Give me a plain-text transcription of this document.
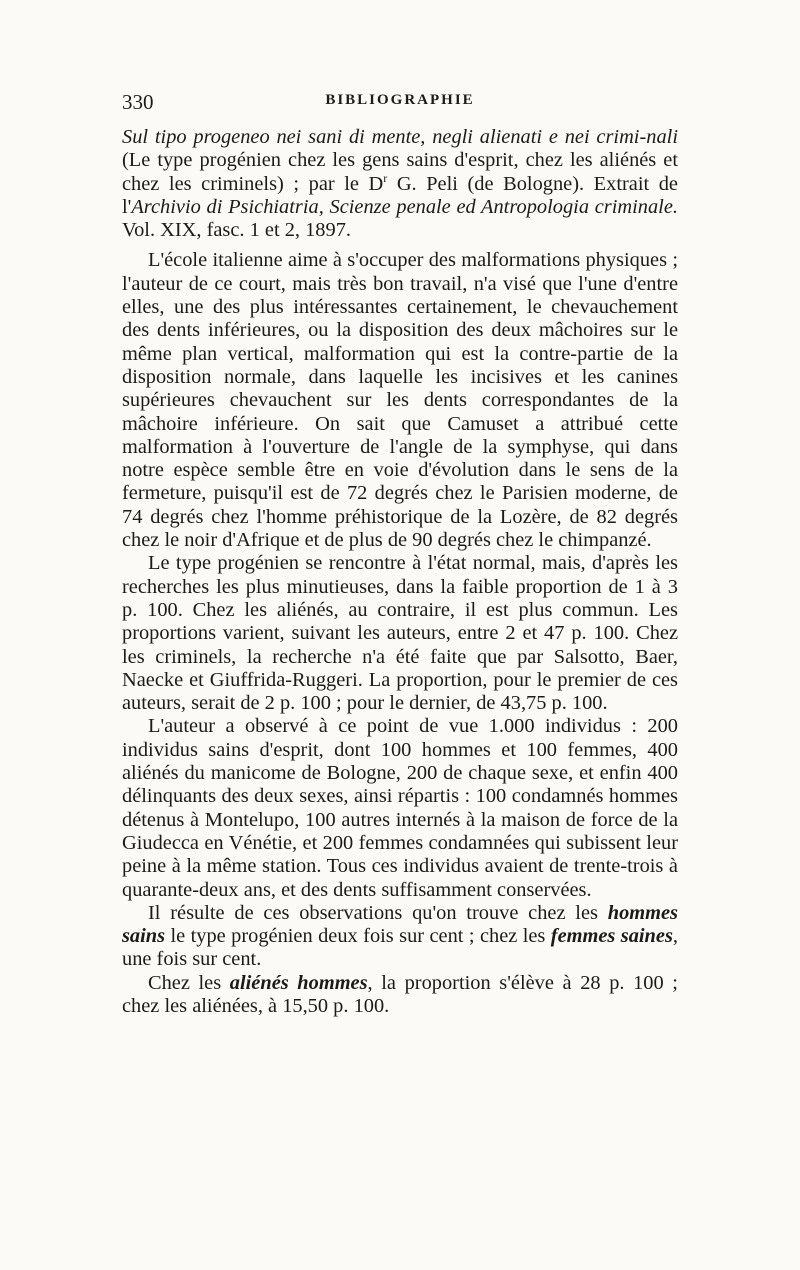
330	BIBLIOGRAPHIE

Sul tipo progeneo nei sani di mente, negli alienati e nei crimi-nali (Le type progénien chez les gens sains d'esprit, chez les aliénés et chez les criminels) ; par le $D^r$ G. Peli (de Bologne). Extrait de l'Archivio di Psichiatria, Scienze penale ed Antropologia criminale. Vol. XIX, fasc. 1 et 2, 1897.

L'école italienne aime à s'occuper des malformations physiques ; l'auteur de ce court, mais très bon travail, n'a visé que l'une d'entre elles, une des plus intéressantes certainement, le chevauchement des dents inférieures, ou la disposition des deux mâchoires sur le même plan vertical, malformation qui est la contre-partie de la disposition normale, dans laquelle les incisives et les canines supérieures chevauchent sur les dents correspondantes de la mâchoire inférieure. On sait que Camuset a attribué cette malformation à l'ouverture de l'angle de la symphyse, qui dans notre espèce semble être en voie d'évolution dans le sens de la fermeture, puisqu'il est de 72 degrés chez le Parisien moderne, de 74 degrés chez l'homme préhistorique de la Lozère, de 82 degrés chez le noir d'Afrique et de plus de 90 degrés chez le chimpanzé.

Le type progénien se rencontre à l'état normal, mais, d'après les recherches les plus minutieuses, dans la faible proportion de 1 à 3 p. 100. Chez les aliénés, au contraire, il est plus commun. Les proportions varient, suivant les auteurs, entre 2 et 47 p. 100. Chez les criminels, la recherche n'a été faite que par Salsotto, Baer, Naecke et Giuffrida-Ruggeri. La proportion, pour le premier de ces auteurs, serait de 2 p. 100 ; pour le dernier, de 43,75 p. 100.

L'auteur a observé à ce point de vue 1.000 individus : 200 individus sains d'esprit, dont 100 hommes et 100 femmes, 400 aliénés du manicome de Bologne, 200 de chaque sexe, et enfin 400 délinquants des deux sexes, ainsi répartis : 100 condamnés hommes détenus à Montelupo, 100 autres internés à la maison de force de la Giudecca en Vénétie, et 200 femmes condamnées qui subissent leur peine à la même station. Tous ces individus avaient de trente-trois à quarante-deux ans, et des dents suffisamment conservées.

Il résulte de ces observations qu'on trouve chez les hommes sains le type progénien deux fois sur cent ; chez les femmes saines, une fois sur cent.

Chez les aliénés hommes, la proportion s'élève à 28 p. 100 ; chez les aliénées, à 15,50 p. 100.
